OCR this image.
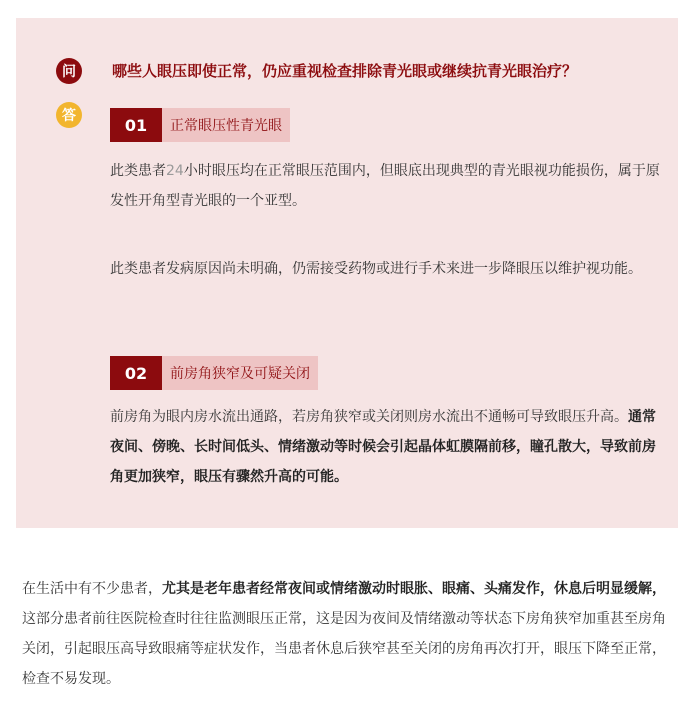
问	哪些人眼压即使正常，仍应重视检查排除青光眼或继续抗青光眼治疗？
答	01	正常眼压性青光眼

此类患者24小时眼压均在正常眼压范围内，但眼底出现典型的青光眼视功能损伤，属于原发性开角型青光眼的一个亚型。

此类患者发病原因尚未明确，仍需接受药物或进行手术来进一步降眼压以维护视功能。

02	前房角狭窄及可疑关闭

前房角为眼内房水流出通路，若房角狭窄或关闭则房水流出不通畅可导致眼压升高。通常夜间、傍晚、长时间低头、情绪激动等时候会引起晶体虹膜隔前移，瞳孔散大，导致前房角更加狭窄，眼压有骤然升高的可能。

在生活中有不少患者，尤其是老年患者经常夜间或情绪激动时眼胀、眼痛、头痛发作，休息后明显缓解，这部分患者前往医院检查时往往监测眼压正常，这是因为夜间及情绪激动等状态下房角狭窄加重甚至房角关闭，引起眼压高导致眼痛等症状发作，当患者休息后狭窄甚至关闭的房角再次打开，眼压下降至正常，检查不易发现。
